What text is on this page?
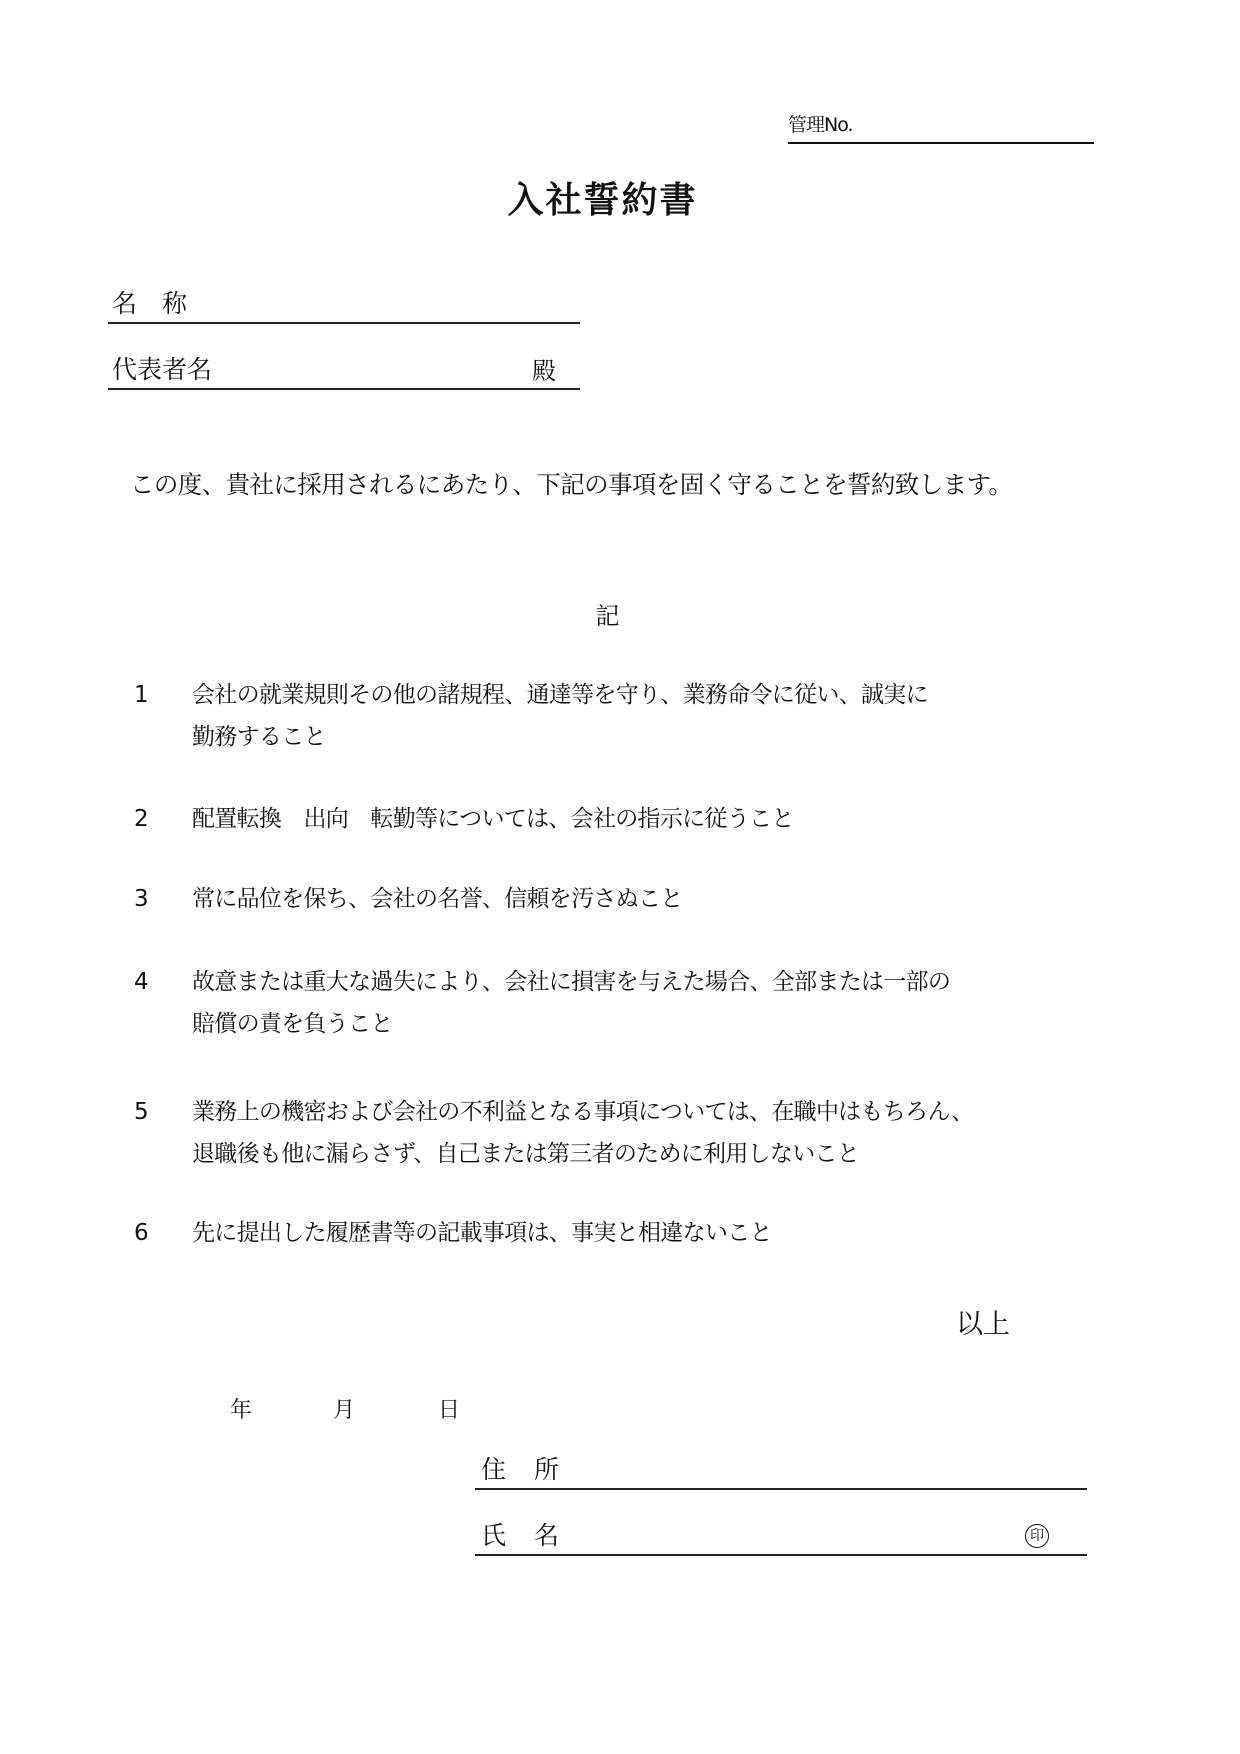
管理No.
入社誓約書
名　称
代表者名	殿
この度、貴社に採用されるにあたり、下記の事項を固く守ることを誓約致します。
記
1	会社の就業規則その他の諸規程、通達等を守り、業務命令に従い、誠実に
勤務すること
2	配置転換　出向　転勤等については、会社の指示に従うこと
3	常に品位を保ち、会社の名誉、信頼を汚さぬこと
4	故意または重大な過失により、会社に損害を与えた場合、全部または一部の
賠償の責を負うこと
5	業務上の機密および会社の不利益となる事項については、在職中はもちろん、
退職後も他に漏らさず、自己または第三者のために利用しないこと
6	先に提出した履歴書等の記載事項は、事実と相違ないこと
以上
年	月	日
住所
氏名	印
